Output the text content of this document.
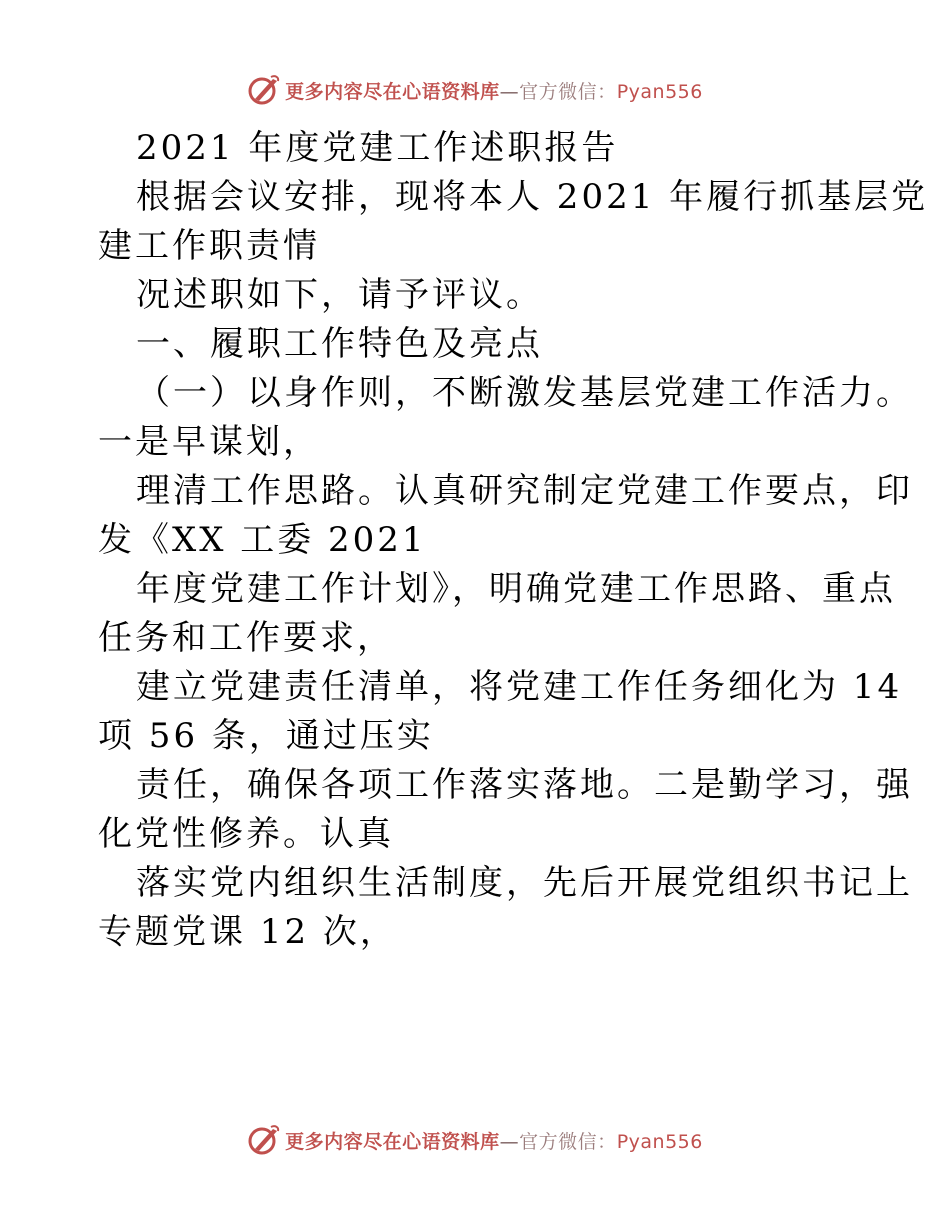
更多内容尽在心语资料库—官方微信：Pyan556
2021 年度党建工作述职报告
根据会议安排，现将本人 2021 年履行抓基层党
建工作职责情
况述职如下，请予评议。
一、履职工作特色及亮点
（一）以身作则，不断激发基层党建工作活力。
一是早谋划，
理清工作思路。认真研究制定党建工作要点，印
发《XX 工委 2021
年度党建工作计划》，明确党建工作思路、重点
任务和工作要求，
建立党建责任清单，将党建工作任务细化为 14
项 56 条，通过压实
责任，确保各项工作落实落地。二是勤学习，强
化党性修养。认真
落实党内组织生活制度，先后开展党组织书记上
专题党课 12 次，
更多内容尽在心语资料库—官方微信：Pyan556
